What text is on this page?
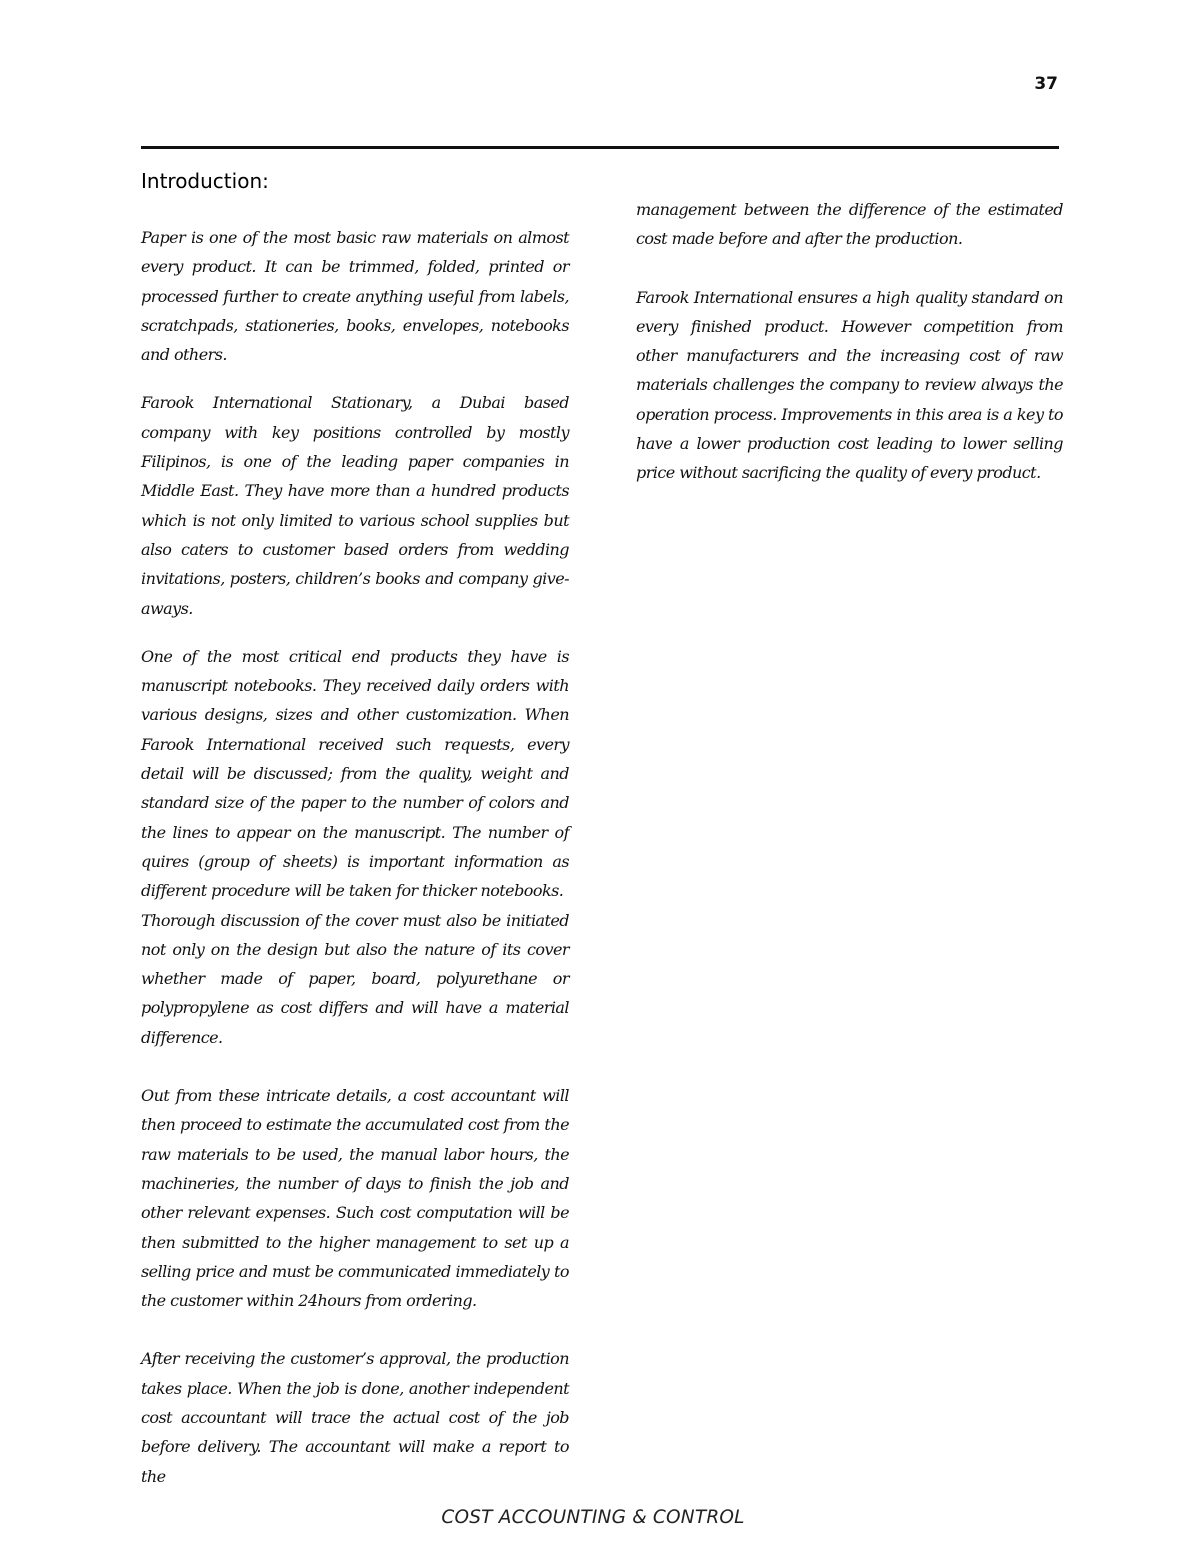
37
Introduction:

Paper is one of the most basic raw materials on almost every product. It can be trimmed, folded, printed or processed further to create anything useful from labels, scratchpads, stationeries, books, envelopes, notebooks and others.

Farook International Stationary, a Dubai based company with key positions controlled by mostly Filipinos, is one of the leading paper companies in Middle East. They have more than a hundred products which is not only limited to various school supplies but also caters to customer based orders from wedding invitations, posters, children’s books and company give-aways.

One of the most critical end products they have is manuscript notebooks. They received daily orders with various designs, sizes and other customization. When Farook International received such requests, every detail will be discussed; from the quality, weight and standard size of the paper to the number of colors and the lines to appear on the manuscript. The number of quires (group of sheets) is important information as different procedure will be taken for thicker notebooks.

Thorough discussion of the cover must also be initiated not only on the design but also the nature of its cover whether made of paper, board, polyurethane or polypropylene as cost differs and will have a material difference.

Out from these intricate details, a cost accountant will then proceed to estimate the accumulated cost from the raw materials to be used, the manual labor hours, the machineries, the number of days to finish the job and other relevant expenses. Such cost computation will be then submitted to the higher management to set up a selling price and must be communicated immediately to the customer within 24hours from ordering.

After receiving the customer’s approval, the production takes place. When the job is done, another independent cost accountant will trace the actual cost of the job before delivery. The accountant will make a report to the

management between the difference of the estimated cost made before and after the production.

Farook International ensures a high quality standard on every finished product. However competition from other manufacturers and the increasing cost of raw materials challenges the company to review always the operation process. Improvements in this area is a key to have a lower production cost leading to lower selling price without sacrificing the quality of every product.

COST ACCOUNTING & CONTROL
